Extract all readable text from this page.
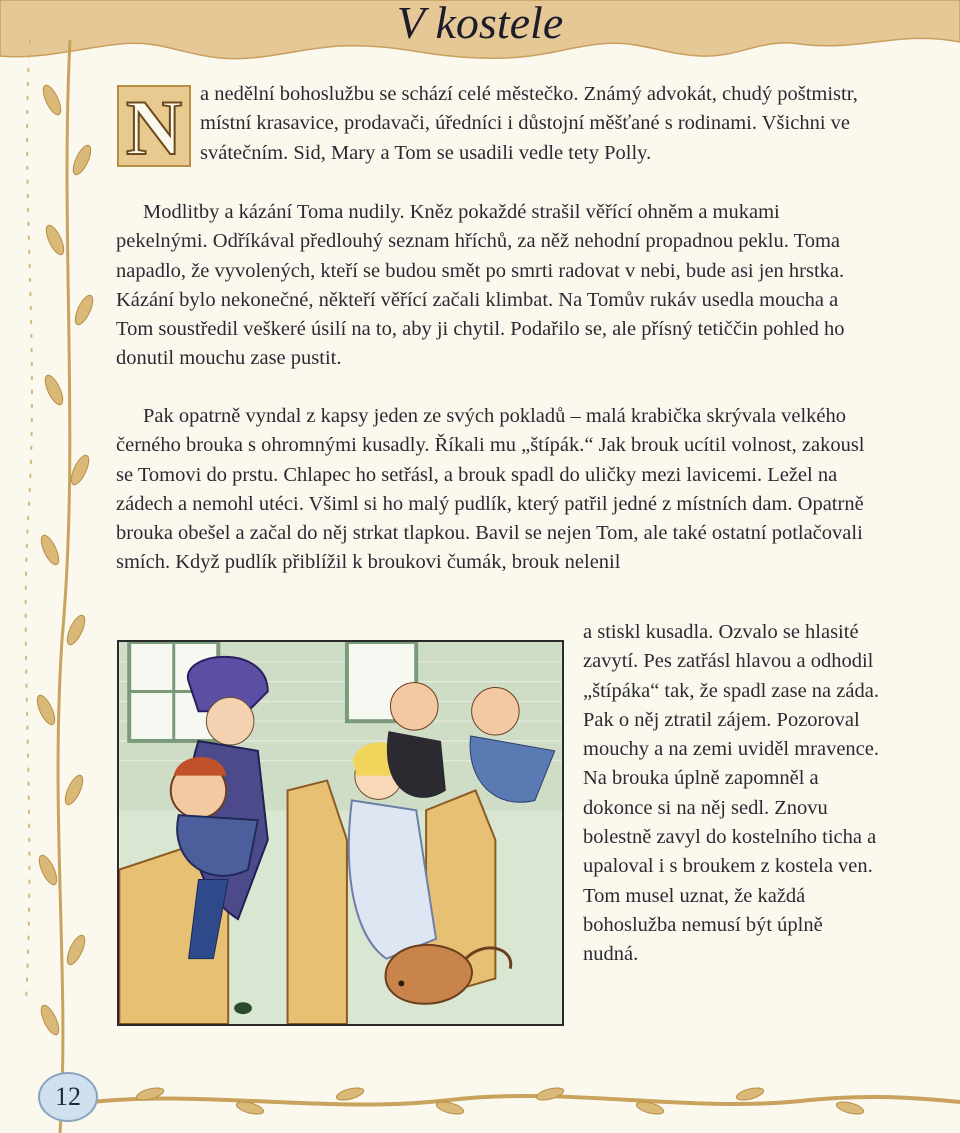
V kostele
12

N a nedělní bohoslužbu se schází celé městečko. Známý advokát, chudý poštmistr, místní krasavice, prodavači, úředníci i důstojní měšťané s rodinami. Všichni ve svátečním. Sid, Mary a Tom se usadili vedle tety Polly.

Modlitby a kázání Toma nudily. Kněz pokaždé strašil věřící ohněm a mukami pekelnými. Odříkával předlouhý seznam hříchů, za něž nehodní propadnou peklu. Toma napadlo, že vyvolených, kteří se budou smět po smrti radovat v nebi, bude asi jen hrstka. Kázání bylo nekonečné, někteří věřící začali klimbat. Na Tomův rukáv usedla moucha a Tom soustředil veškeré úsilí na to, aby ji chytil. Podařilo se, ale přísný tetiččin pohled ho donutil mouchu zase pustit.

Pak opatrně vyndal z kapsy jeden ze svých pokladů – malá krabička skrývala velkého černého brouka s ohromnými kusadly. Říkali mu „štípák.“ Jak brouk ucítil volnost, zakousl se Tomovi do prstu. Chlapec ho setřásl, a brouk spadl do uličky mezi lavicemi. Ležel na zádech a nemohl utéci. Všiml si ho malý pudlík, který patřil jedné z místních dam. Opatrně brouka obešel a začal do něj strkat tlapkou. Bavil se nejen Tom, ale také ostatní potlačovali smích. Když pudlík přiblížil k broukovi čumák, brouk nelenil

a stiskl kusadla. Ozvalo se hlasité zavytí. Pes zatřásl hlavou a odhodil „štípáka“ tak, že spadl zase na záda. Pak o něj ztratil zájem. Pozoroval mouchy a na zemi uviděl mravence. Na brouka úplně zapomněl a dokonce si na něj sedl. Znovu bolestně zavyl do kostelního ticha a upaloval i s broukem z kostela ven. Tom musel uznat, že každá bohoslužba nemusí být úplně nudná.
